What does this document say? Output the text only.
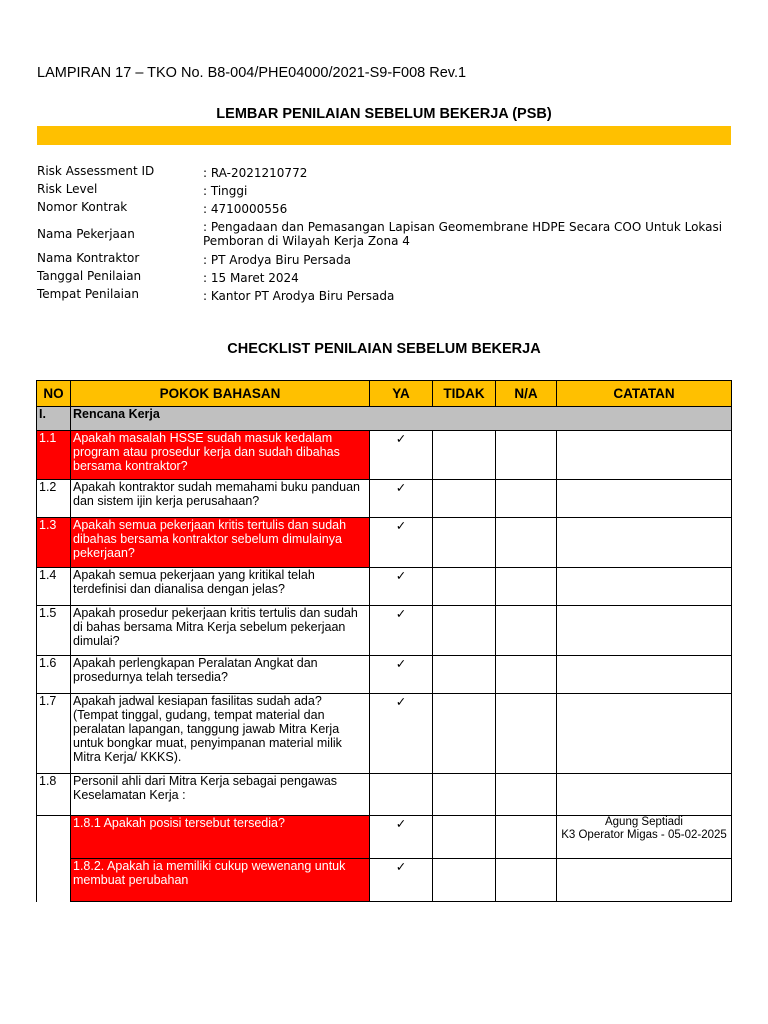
LAMPIRAN 17 – TKO No. B8-004/PHE04000/2021-S9-F008 Rev.1
LEMBAR PENILAIAN SEBELUM BEKERJA (PSB)
Risk Assessment ID	: RA-2021210772
Risk Level	: Tinggi
Nomor Kontrak	: 4710000556
Nama Pekerjaan	: Pengadaan dan Pemasangan Lapisan Geomembrane HDPE Secara COO Untuk Lokasi Pemboran di Wilayah Kerja Zona 4
Nama Kontraktor	: PT Arodya Biru Persada
Tanggal Penilaian	: 15 Maret 2024
Tempat Penilaian	: Kantor PT Arodya Biru Persada
CHECKLIST PENILAIAN SEBELUM BEKERJA
NO	POKOK BAHASAN	YA	TIDAK	N/A	CATATAN
I.	Rencana Kerja				
1.1	Apakah masalah HSSE sudah masuk kedalam program atau prosedur kerja dan sudah dibahas bersama kontraktor?	✓			
1.2	Apakah kontraktor sudah memahami buku panduan dan sistem ijin kerja perusahaan?	✓			
1.3	Apakah semua pekerjaan kritis tertulis dan sudah dibahas bersama kontraktor sebelum dimulainya pekerjaan?	✓			
1.4	Apakah semua pekerjaan yang kritikal telah terdefinisi dan dianalisa dengan jelas?	✓			
1.5	Apakah prosedur pekerjaan kritis tertulis dan sudah di bahas bersama Mitra Kerja sebelum pekerjaan dimulai?	✓			
1.6	Apakah perlengkapan Peralatan Angkat dan prosedurnya telah tersedia?	✓			
1.7	Apakah jadwal kesiapan fasilitas sudah ada? (Tempat tinggal, gudang, tempat material dan peralatan lapangan, tanggung jawab Mitra Kerja untuk bongkar muat, penyimpanan material milik Mitra Kerja/ KKKS).	✓			
1.8	Personil ahli dari Mitra Kerja sebagai pengawas Keselamatan Kerja :				
	1.8.1 Apakah posisi tersebut tersedia?	✓			Agung Septiadi
K3 Operator Migas - 05-02-2025

	1.8.2. Apakah ia memiliki cukup wewenang untuk membuat perubahan	✓			
